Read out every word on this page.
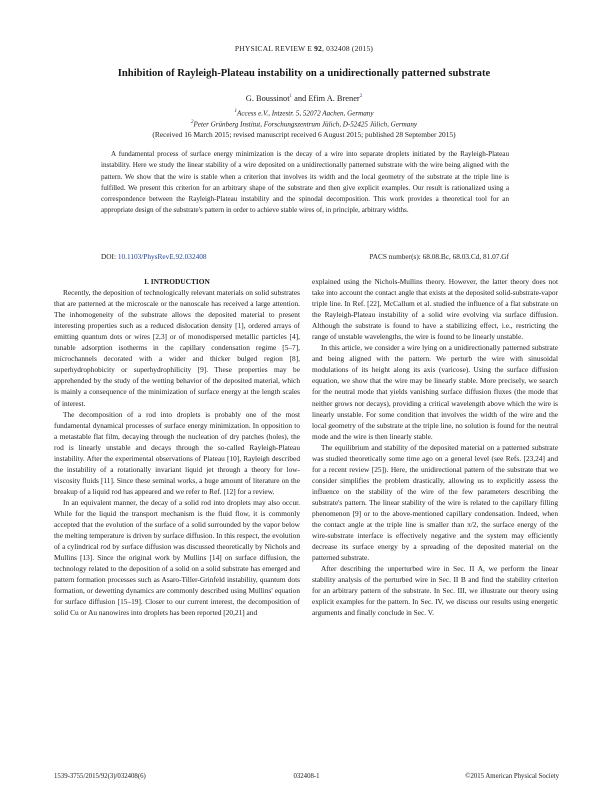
PHYSICAL REVIEW E 92, 032408 (2015)
Inhibition of Rayleigh-Plateau instability on a unidirectionally patterned substrate
G. Boussinot$^1$ and Efim A. Brener$^2$
$^1$Access e.V., Intzestr. 5, 52072 Aachen, Germany
$^2$Peter Grünberg Institut, Forschungszentrum Jülich, D-52425 Jülich, Germany
(Received 16 March 2015; revised manuscript received 6 August 2015; published 28 September 2015)

A fundamental process of surface energy minimization is the decay of a wire into separate droplets initiated by the Rayleigh-Plateau instability. Here we study the linear stability of a wire deposited on a unidirectionally patterned substrate with the wire being aligned with the pattern. We show that the wire is stable when a criterion that involves its width and the local geometry of the substrate at the triple line is fulfilled. We present this criterion for an arbitrary shape of the substrate and then give explicit examples. Our result is rationalized using a correspondence between the Rayleigh-Plateau instability and the spinodal decomposition. This work provides a theoretical tool for an appropriate design of the substrate's pattern in order to achieve stable wires of, in principle, arbitrary widths.

DOI: 10.1103/PhysRevE.92.032408	PACS number(s): 68.08.Bc, 68.03.Cd, 81.07.Gf

I. INTRODUCTION

Recently, the deposition of technologically relevant materials on solid substrates that are patterned at the microscale or the nanoscale has received a large attention. The inhomogeneity of the substrate allows the deposited material to present interesting properties such as a reduced dislocation density [1], ordered arrays of emitting quantum dots or wires [2,3] or of monodispersed metallic particles [4], tunable adsorption isotherms in the capillary condensation regime [5–7], microchannels decorated with a wider and thicker bulged region [8], superhydrophobicity or superhydrophilicity [9]. These properties may be apprehended by the study of the wetting behavior of the deposited material, which is mainly a consequence of the minimization of surface energy at the length scales of interest.

The decomposition of a rod into droplets is probably one of the most fundamental dynamical processes of surface energy minimization. In opposition to a metastable flat film, decaying through the nucleation of dry patches (holes), the rod is linearly unstable and decays through the so-called Rayleigh-Plateau instability. After the experimental observations of Plateau [10], Rayleigh described the instability of a rotationally invariant liquid jet through a theory for low-viscosity fluids [11]. Since these seminal works, a huge amount of literature on the breakup of a liquid rod has appeared and we refer to Ref. [12] for a review.

In an equivalent manner, the decay of a solid rod into droplets may also occur. While for the liquid the transport mechanism is the fluid flow, it is commonly accepted that the evolution of the surface of a solid surrounded by the vapor below the melting temperature is driven by surface diffusion. In this respect, the evolution of a cylindrical rod by surface diffusion was discussed theoretically by Nichols and Mullins [13]. Since the original work by Mullins [14] on surface diffusion, the technology related to the deposition of a solid on a solid substrate has emerged and pattern formation processes such as Asaro-Tiller-Grinfeld instability, quantum dots formation, or dewetting dynamics are commonly described using Mullins' equation for surface diffusion [15–19]. Closer to our current interest, the decomposition of solid Cu or Au nanowires into droplets has been reported [20,21] and

explained using the Nichols-Mullins theory. However, the latter theory does not take into account the contact angle that exists at the deposited solid-substrate-vapor triple line. In Ref. [22], McCallum et al. studied the influence of a flat substrate on the Rayleigh-Plateau instability of a solid wire evolving via surface diffusion. Although the substrate is found to have a stabilizing effect, i.e., restricting the range of unstable wavelengths, the wire is found to be linearly unstable.

In this article, we consider a wire lying on a unidirectionally patterned substrate and being aligned with the pattern. We perturb the wire with sinusoidal modulations of its height along its axis (varicose). Using the surface diffusion equation, we show that the wire may be linearly stable. More precisely, we search for the neutral mode that yields vanishing surface diffusion fluxes (the mode that neither grows nor decays), providing a critical wavelength above which the wire is linearly unstable. For some condition that involves the width of the wire and the local geometry of the substrate at the triple line, no solution is found for the neutral mode and the wire is then linearly stable.

The equilibrium and stability of the deposited material on a patterned substrate was studied theoretically some time ago on a general level (see Refs. [23,24] and for a recent review [25]). Here, the unidirectional pattern of the substrate that we consider simplifies the problem drastically, allowing us to explicitly assess the influence on the stability of the wire of the few parameters describing the substrate's pattern. The linear stability of the wire is related to the capillary filling phenomenon [9] or to the above-mentioned capillary condensation. Indeed, when the contact angle at the triple line is smaller than π/2, the surface energy of the wire-substrate interface is effectively negative and the system may efficiently decrease its surface energy by a spreading of the deposited material on the patterned substrate.

After describing the unperturbed wire in Sec. II A, we perform the linear stability analysis of the perturbed wire in Sec. II B and find the stability criterion for an arbitrary pattern of the substrate. In Sec. III, we illustrate our theory using explicit examples for the pattern. In Sec. IV, we discuss our results using energetic arguments and finally conclude in Sec. V.

1539-3755/2015/92(3)/032408(6)	032408-1	©2015 American Physical Society
